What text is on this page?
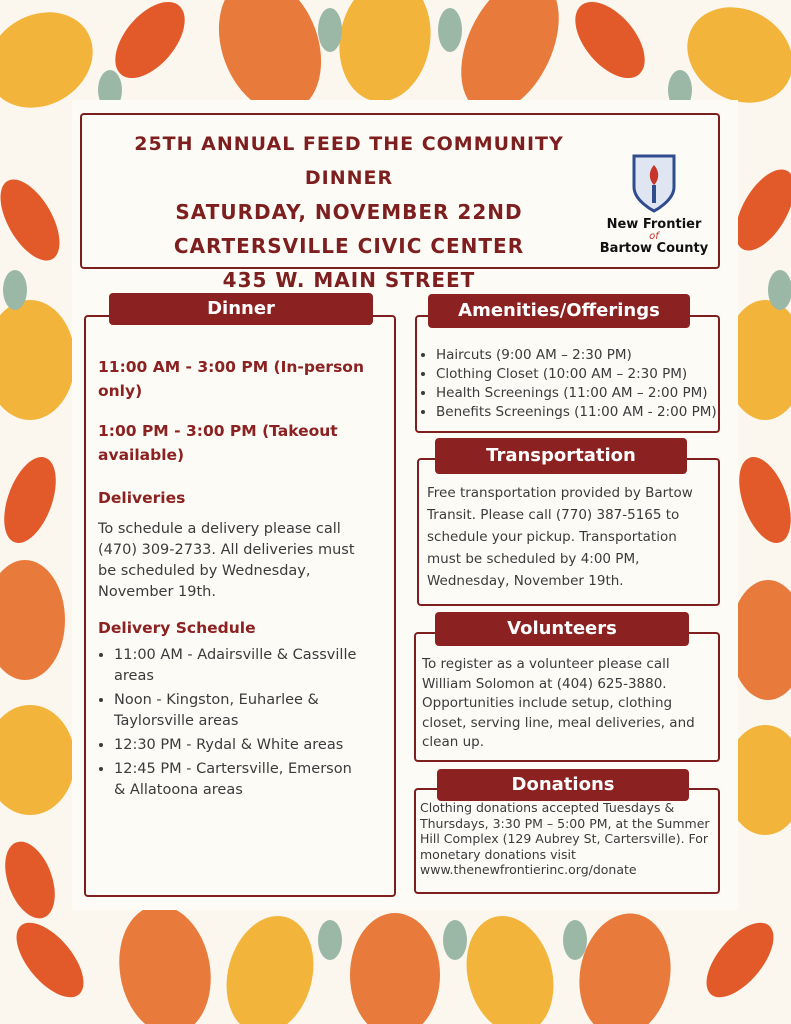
25TH ANNUAL FEED THE COMMUNITY DINNER
SATURDAY, NOVEMBER 22ND
CARTERSVILLE CIVIC CENTER
435 W. MAIN STREET
New Frontier
of
Bartow County
Dinner
11:00 AM - 3:00 PM (In-person only)
1:00 PM - 3:00 PM (Takeout available)
Deliveries
To schedule a delivery please call (470) 309-2733. All deliveries must be scheduled by Wednesday, November 19th.
Delivery Schedule
• 11:00 AM - Adairsville & Cassville areas
• Noon - Kingston, Euharlee & Taylorsville areas
• 12:30 PM - Rydal & White areas
• 12:45 PM - Cartersville, Emerson & Allatoona areas
Amenities/Offerings
• Haircuts (9:00 AM – 2:30 PM)
• Clothing Closet (10:00 AM – 2:30 PM)
• Health Screenings (11:00 AM – 2:00 PM)
• Benefits Screenings (11:00 AM - 2:00 PM)
Transportation
Free transportation provided by Bartow Transit. Please call (770) 387-5165 to schedule your pickup. Transportation must be scheduled by 4:00 PM, Wednesday, November 19th.
Volunteers
To register as a volunteer please call William Solomon at (404) 625-3880. Opportunities include setup, clothing closet, serving line, meal deliveries, and clean up.
Donations
Clothing donations accepted Tuesdays & Thursdays, 3:30 PM – 5:00 PM, at the Summer Hill Complex (129 Aubrey St, Cartersville). For monetary donations visit www.thenewfrontierinc.org/donate
